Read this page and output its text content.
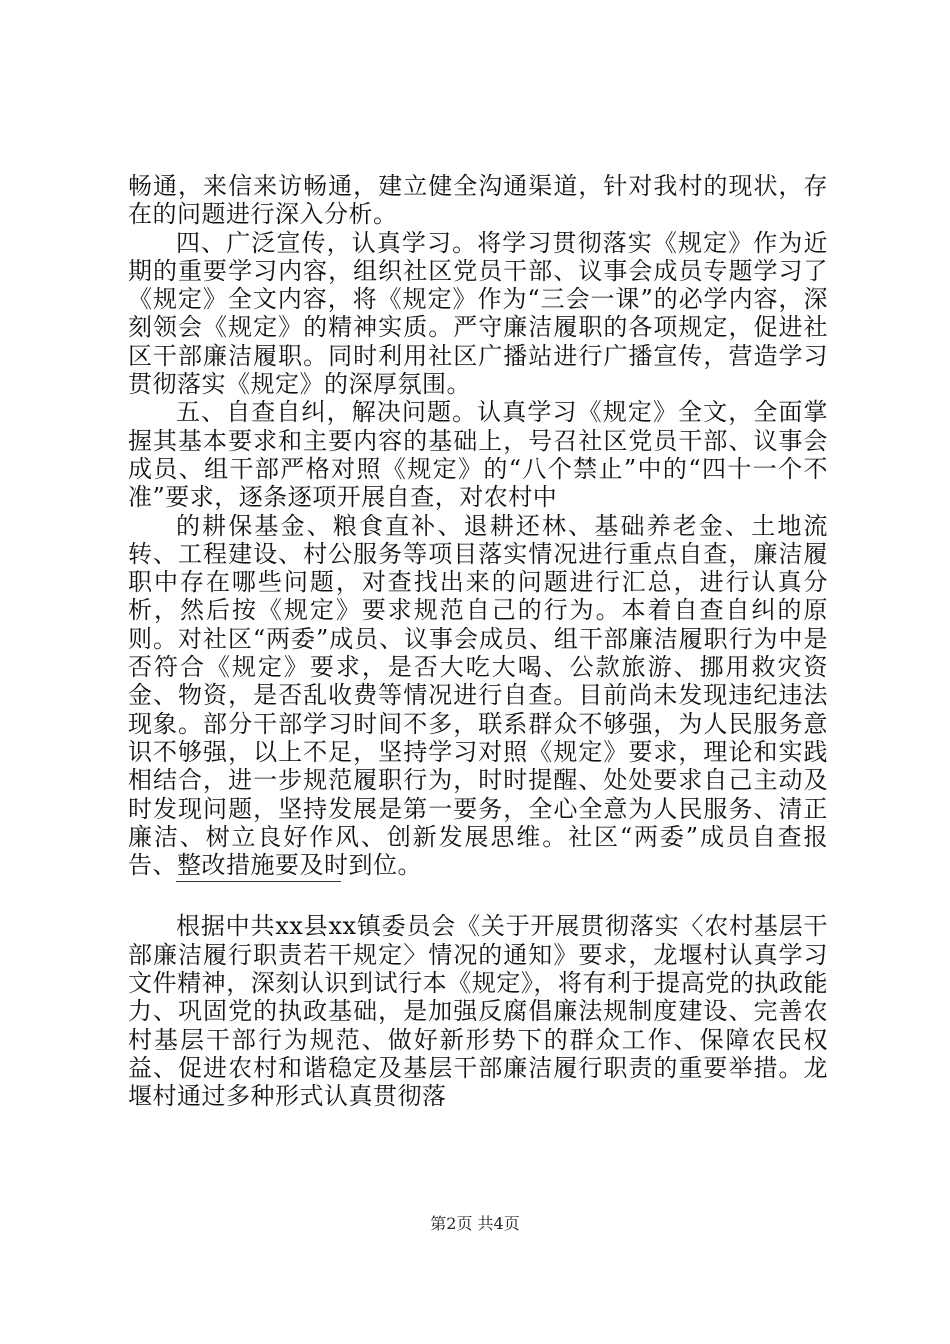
畅通，来信来访畅通，建立健全沟通渠道，针对我村的现状，存在的问题进行深入分析。

四、广泛宣传，认真学习。将学习贯彻落实《规定》作为近期的重要学习内容，组织社区党员干部、议事会成员专题学习了《规定》全文内容，将《规定》作为“三会一课”的必学内容，深刻领会《规定》的精神实质。严守廉洁履职的各项规定，促进社区干部廉洁履职。同时利用社区广播站进行广播宣传，营造学习贯彻落实《规定》的深厚氛围。

五、自查自纠，解决问题。认真学习《规定》全文，全面掌握其基本要求和主要内容的基础上，号召社区党员干部、议事会成员、组干部严格对照《规定》的“八个禁止”中的“四十一个不准”要求，逐条逐项开展自查，对农村中

的耕保基金、粮食直补、退耕还林、基础养老金、土地流转、工程建设、村公服务等项目落实情况进行重点自查，廉洁履职中存在哪些问题，对查找出来的问题进行汇总，进行认真分析，然后按《规定》要求规范自己的行为。本着自查自纠的原则。对社区“两委”成员、议事会成员、组干部廉洁履职行为中是否符合《规定》要求，是否大吃大喝、公款旅游、挪用救灾资金、物资，是否乱收费等情况进行自查。目前尚未发现违纪违法现象。部分干部学习时间不多，联系群众不够强，为人民服务意识不够强，以上不足，坚持学习对照《规定》要求，理论和实践相结合，进一步规范履职行为，时时提醒、处处要求自己主动及时发现问题，坚持发展是第一要务，全心全意为人民服务、清正廉洁、树立良好作风、创新发展思维。社区“两委”成员自查报告、整改措施要及时到位。

根据中共xx县xx镇委员会《关于开展贯彻落实〈农村基层干部廉洁履行职责若干规定〉情况的通知》要求，龙堰村认真学习文件精神，深刻认识到试行本《规定》，将有利于提高党的执政能力、巩固党的执政基础，是加强反腐倡廉法规制度建设、完善农村基层干部行为规范、做好新形势下的群众工作、保障农民权益、促进农村和谐稳定及基层干部廉洁履行职责的重要举措。龙堰村通过多种形式认真贯彻落

第2页 共4页
